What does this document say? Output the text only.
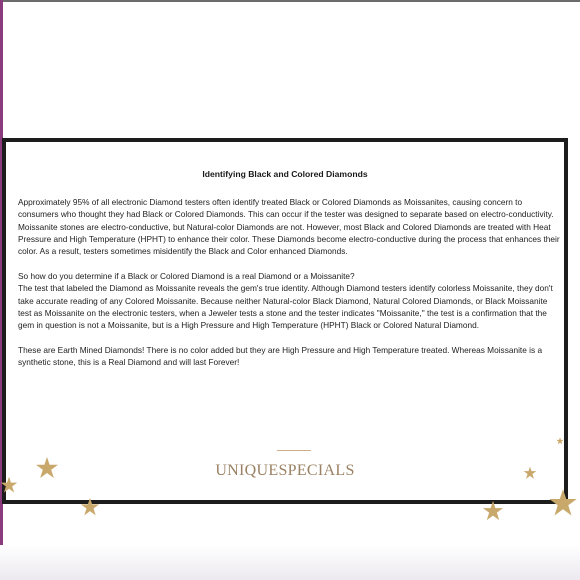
Identifying Black and Colored Diamonds

Approximately 95% of all electronic Diamond testers often identify treated Black or Colored Diamonds as Moissanites, causing concern to consumers who thought they had Black or Colored Diamonds. This can occur if the tester was designed to separate based on electro-conductivity. Moissanite stones are electro-conductive, but Natural-color Diamonds are not. However, most Black and Colored Diamonds are treated with Heat Pressure and High Temperature (HPHT) to enhance their color. These Diamonds become electro-conductive during the process that enhances their color. As a result, testers sometimes misidentify the Black and Color enhanced Diamonds.

So how do you determine if a Black or Colored Diamond is a real Diamond or a Moissanite?

The test that labeled the Diamond as Moissanite reveals the gem's true identity. Although Diamond testers identify colorless Moissanite, they don't take accurate reading of any Colored Moissanite. Because neither Natural-color Black Diamond, Natural Colored Diamonds, or Black Moissanite test as Moissanite on the electronic testers, when a Jeweler tests a stone and the tester indicates "Moissanite," the test is a confirmation that the gem in question is not a Moissanite, but is a High Pressure and High Temperature (HPHT) Black or Colored Natural Diamond.

These are Earth Mined Diamonds! There is no color added but they are High Pressure and High Temperature treated. Whereas Moissanite is a synthetic stone, this is a Real Diamond and will last Forever!

UNIQUESPECIALS
